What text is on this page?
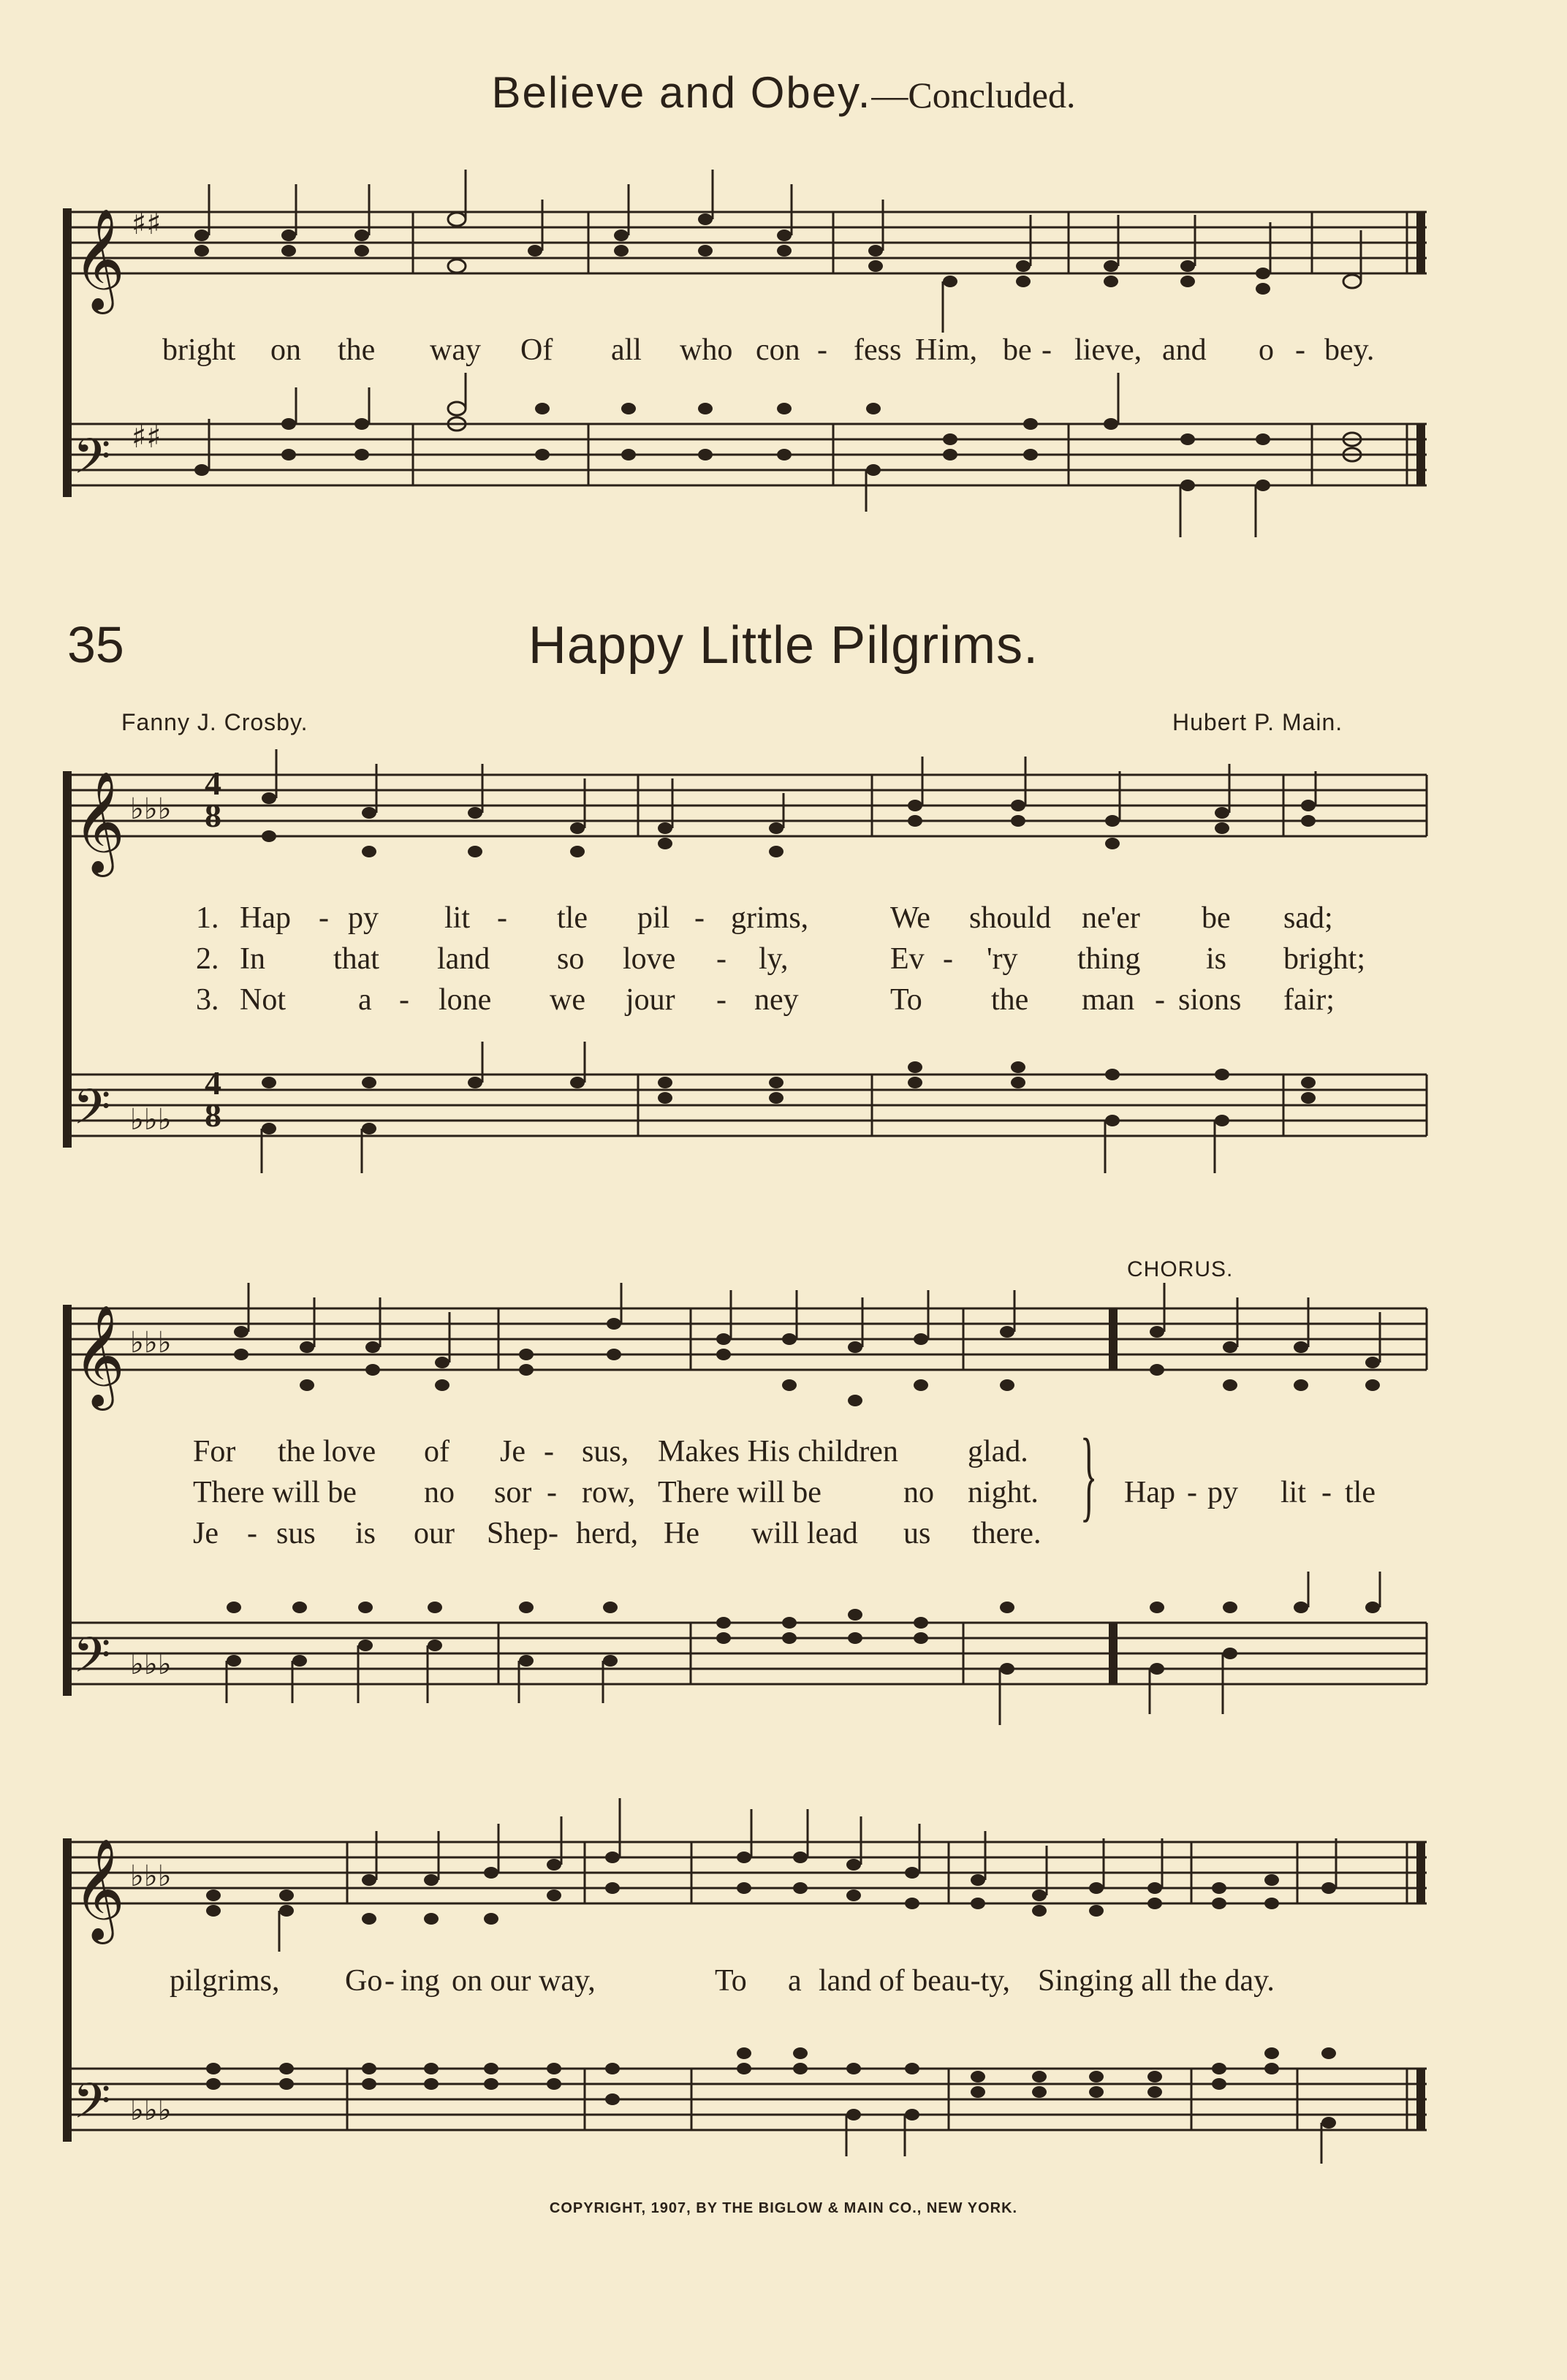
Believe and Obey.—Concluded.
35	Happy Little Pilgrims.
Fanny J. Crosby.	Hubert P. Main.
CHORUS.
𝄞
𝄢
𝄞
𝄢
𝄞
𝄢
𝄞
𝄢
♯♯
♯♯
♭♭♭
♭♭♭
♭♭♭
♭♭♭
♭♭♭
♭♭♭
4
8
4
8
bright on the way Of all who con - fess Him, be - lieve, and o - bey.
1. Hap - py lit - tle pil - grims,	We should ne'er be sad;
2. In that land so love - ly,	Ev - 'ry thing is bright;
3. Not a - lone we jour - ney	To the man - sions fair;
For the love of Je - sus, Makes His children glad.
There will be no sor - row, There will be	no night.
Je - sus is our Shep- herd, He will lead us there.
} Hap - py lit - tle
pilgrims, Go - ing on our way,	To a land of beau-ty, Singing all the day.
COPYRIGHT, 1907, BY THE BIGLOW & MAIN CO., NEW YORK.
